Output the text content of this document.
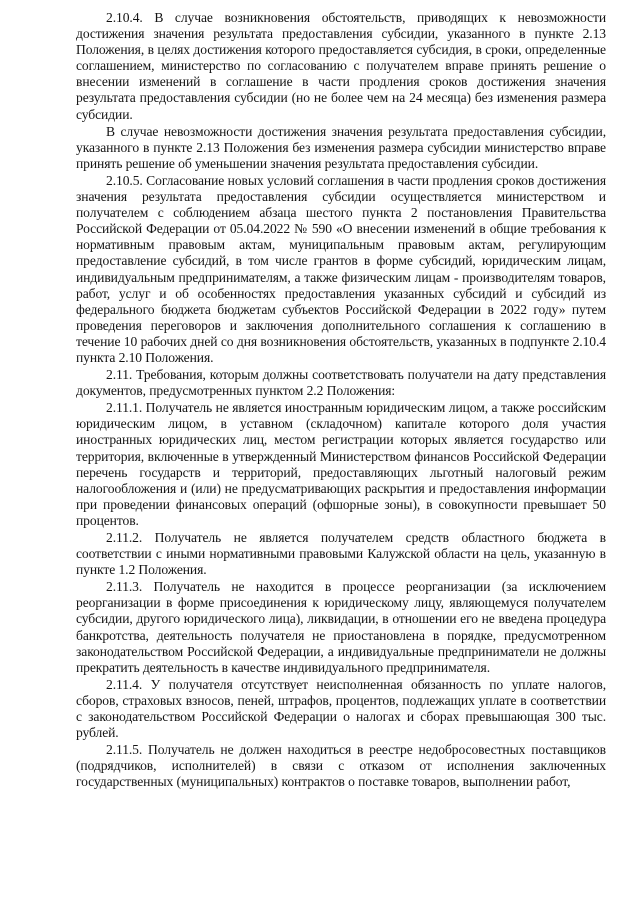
2.10.4. В случае возникновения обстоятельств, приводящих к невозможности достижения значения результата предоставления субсидии, указанного в пункте 2.13 Положения, в целях достижения которого предоставляется субсидия, в сроки, определенные соглашением, министерство по согласованию с получателем вправе принять решение о внесении изменений в соглашение в части продления сроков достижения значения результата предоставления субсидии (но не более чем на 24 месяца) без изменения размера субсидии.

В случае невозможности достижения значения результата предоставления субсидии, указанного в пункте 2.13 Положения без изменения размера субсидии министерство вправе принять решение об уменьшении значения результата предоставления субсидии.

2.10.5. Согласование новых условий соглашения в части продления сроков достижения значения результата предоставления субсидии осуществляется министерством и получателем с соблюдением абзаца шестого пункта 2 постановления Правительства Российской Федерации от 05.04.2022 № 590 «О внесении изменений в общие требования к нормативным правовым актам, муниципальным правовым актам, регулирующим предоставление субсидий, в том числе грантов в форме субсидий, юридическим лицам, индивидуальным предпринимателям, а также физическим лицам - производителям товаров, работ, услуг и об особенностях предоставления указанных субсидий и субсидий из федерального бюджета бюджетам субъектов Российской Федерации в 2022 году» путем проведения переговоров и заключения дополнительного соглашения к соглашению в течение 10 рабочих дней со дня возникновения обстоятельств, указанных в подпункте 2.10.4 пункта 2.10 Положения.

2.11. Требования, которым должны соответствовать получатели на дату представления документов, предусмотренных пунктом 2.2 Положения:

2.11.1. Получатель не является иностранным юридическим лицом, а также российским юридическим лицом, в уставном (складочном) капитале которого доля участия иностранных юридических лиц, местом регистрации которых является государство или территория, включенные в утвержденный Министерством финансов Российской Федерации перечень государств и территорий, предоставляющих льготный налоговый режим налогообложения и (или) не предусматривающих раскрытия и предоставления информации при проведении финансовых операций (офшорные зоны), в совокупности превышает 50 процентов.

2.11.2. Получатель не является получателем средств областного бюджета в соответствии с иными нормативными правовыми Калужской области на цель, указанную в пункте 1.2 Положения.

2.11.3. Получатель не находится в процессе реорганизации (за исключением реорганизации в форме присоединения к юридическому лицу, являющемуся получателем субсидии, другого юридического лица), ликвидации, в отношении его не введена процедура банкротства, деятельность получателя не приостановлена в порядке, предусмотренном законодательством Российской Федерации, а индивидуальные предприниматели не должны прекратить деятельность в качестве индивидуального предпринимателя.

2.11.4. У получателя отсутствует неисполненная обязанность по уплате налогов, сборов, страховых взносов, пеней, штрафов, процентов, подлежащих уплате в соответствии с законодательством Российской Федерации о налогах и сборах превышающая 300 тыс. рублей.

2.11.5. Получатель не должен находиться в реестре недобросовестных поставщиков (подрядчиков, исполнителей) в связи с отказом от исполнения заключенных государственных (муниципальных) контрактов о поставке товаров, выполнении работ,
